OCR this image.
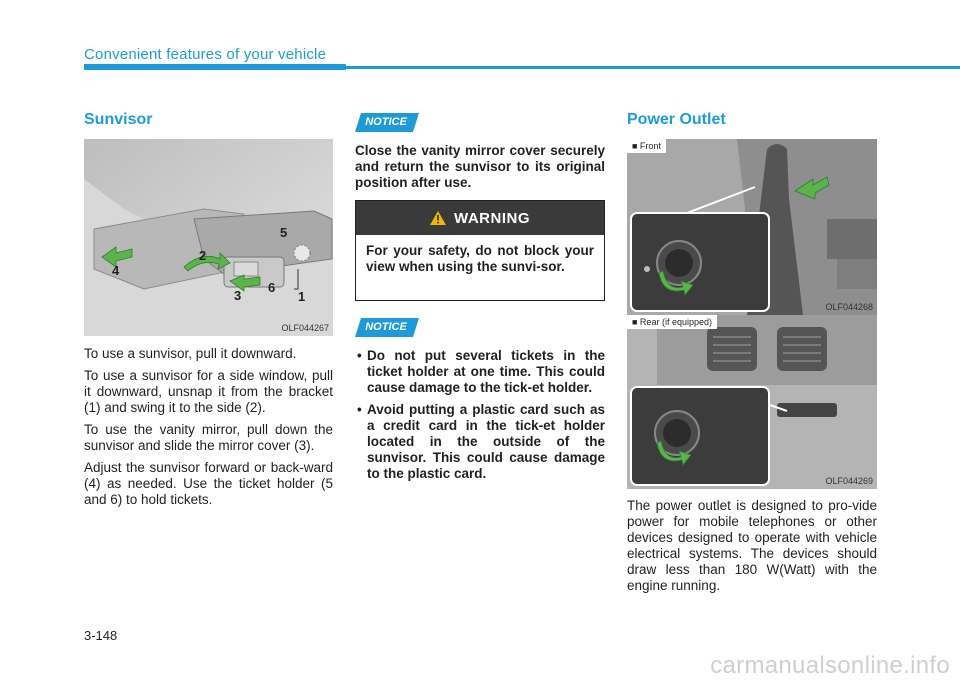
Convenient features of your vehicle
Sunvisor
1
2
3
4
5
6
OLF044267

To use a sunvisor, pull it downward.

To use a sunvisor for a side window, pull it downward, unsnap it from the bracket (1) and swing it to the side (2).

To use the vanity mirror, pull down the sunvisor and slide the mirror cover (3).

Adjust the sunvisor forward or back-ward (4) as needed. Use the ticket holder (5 and 6) to hold tickets.

NOTICE
Close the vanity mirror cover securely and return the sunvisor to its original position after use.
WARNING
For your safety, do not block your view when using the sunvi-sor.
NOTICE
• Do not put several tickets in the ticket holder at one time. This could cause damage to the tick-et holder.
• Avoid putting a plastic card such as a credit card in the tick-et holder located in the outside of the sunvisor. This could cause damage to the plastic card.
Power Outlet
■ Front
OLF044268
■ Rear (if equipped)
OLF044269
The power outlet is designed to pro-vide power for mobile telephones or other devices designed to operate with vehicle electrical systems. The devices should draw less than 180 W(Watt) with the engine running.
3-148
carmanualsonline.info
